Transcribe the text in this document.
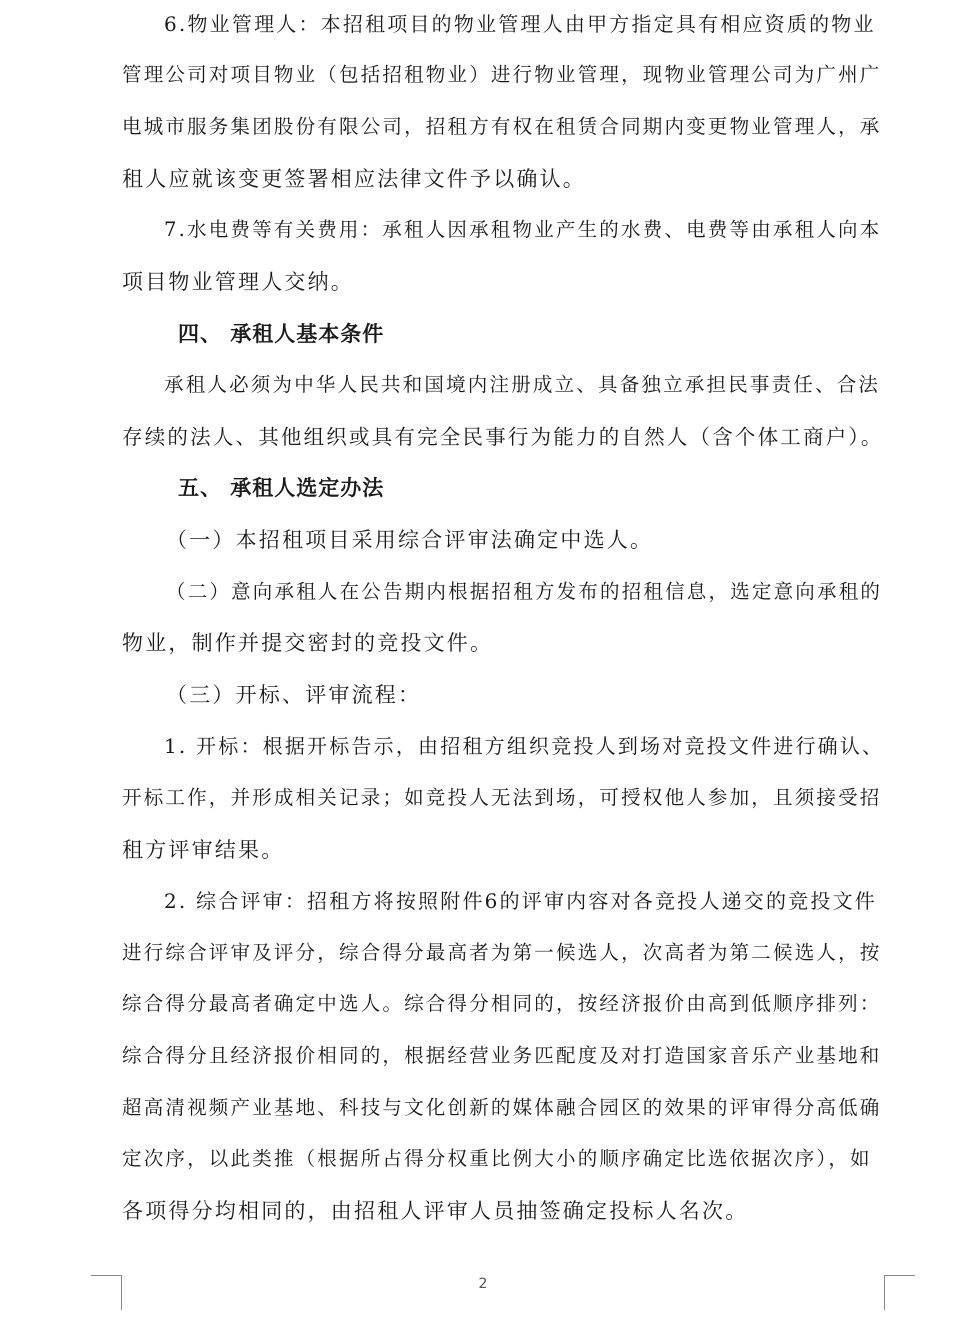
6.物业管理人：本招租项目的物业管理人由甲方指定具有相应资质的物业
管理公司对项目物业（包括招租物业）进行物业管理，现物业管理公司为广州广
电城市服务集团股份有限公司，招租方有权在租赁合同期内变更物业管理人，承
租人应就该变更签署相应法律文件予以确认。
7.水电费等有关费用：承租人因承租物业产生的水费、电费等由承租人向本
项目物业管理人交纳。
四、 承租人基本条件
承租人必须为中华人民共和国境内注册成立、具备独立承担民事责任、合法
存续的法人、其他组织或具有完全民事行为能力的自然人（含个体工商户）。
五、 承租人选定办法
（一）本招租项目采用综合评审法确定中选人。
（二）意向承租人在公告期内根据招租方发布的招租信息，选定意向承租的
物业，制作并提交密封的竞投文件。
（三）开标、评审流程：
1. 开标：根据开标告示，由招租方组织竞投人到场对竞投文件进行确认、
开标工作，并形成相关记录；如竞投人无法到场，可授权他人参加，且须接受招
租方评审结果。
2. 综合评审：招租方将按照附件6的评审内容对各竞投人递交的竞投文件
进行综合评审及评分，综合得分最高者为第一候选人，次高者为第二候选人，按
综合得分最高者确定中选人。综合得分相同的，按经济报价由高到低顺序排列：
综合得分且经济报价相同的，根据经营业务匹配度及对打造国家音乐产业基地和
超高清视频产业基地、科技与文化创新的媒体融合园区的效果的评审得分高低确
定次序，以此类推（根据所占得分权重比例大小的顺序确定比选依据次序），如
各项得分均相同的，由招租人评审人员抽签确定投标人名次。
2
